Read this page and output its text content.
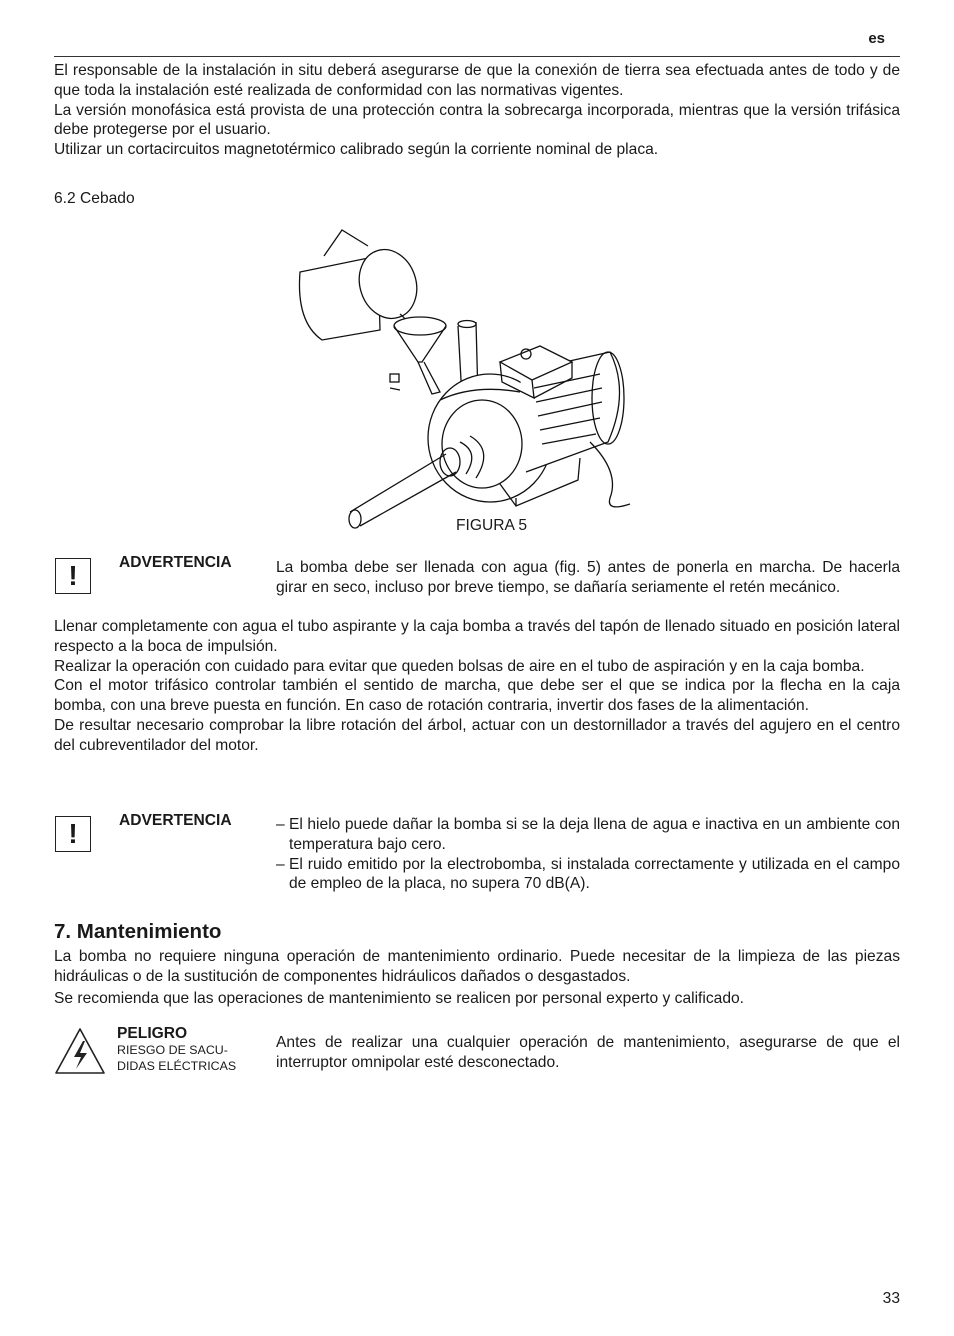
es
El responsable de la instalación in situ deberá asegurarse de que la conexión de tierra sea efectuada antes de todo y de que toda la instalación esté realizada de conformidad con las normativas vigentes.
La versión monofásica está provista de una protección contra la sobrecarga incorporada, mientras que la versión trifásica debe protegerse por el usuario.
Utilizar un cortacircuitos magnetotérmico calibrado según la corriente nominal de placa.
6.2 Cebado
FIGURA 5
!	ADVERTENCIA	La bomba debe ser llenada con agua (fig. 5) antes de ponerla en marcha. De hacerla girar en seco, incluso por breve tiempo, se dañaría seriamente el retén mecánico.
Llenar completamente con agua el tubo aspirante y la caja bomba a través del tapón de llenado situado en posición lateral respecto a la boca de impulsión.
Realizar la operación con cuidado para evitar que queden bolsas de aire en el tubo de aspiración y en la caja bomba.
Con el motor trifásico controlar también el sentido de marcha, que debe ser el que se indica por la flecha en la caja bomba, con una breve puesta en función. En caso de rotación contraria, invertir dos fases de la alimentación.
De resultar necesario comprobar la libre rotación del árbol, actuar con un destornillador a través del agujero en el centro del cubreventilador del motor.
!	ADVERTENCIA
–	El hielo puede dañar la bomba si se la deja llena de agua e inactiva en un ambiente con temperatura bajo cero.
– El ruido emitido por la electrobomba, si instalada correctamente y utilizada en el campo de empleo de la placa, no supera 70 dB(A).
7. Mantenimiento
La bomba no requiere ninguna operación de mantenimiento ordinario. Puede necesitar de la limpieza de las piezas hidráulicas o de la sustitución de componentes hidráulicos dañados o desgastados.
Se recomienda que las operaciones de mantenimiento se realicen por personal experto y calificado.
PELIGRO
RIESGO DE SACU-
DIDAS ELÉCTRICAS
Antes de realizar una cualquier operación de mantenimiento, asegurarse de que el interruptor omnipolar esté desconectado.
33
